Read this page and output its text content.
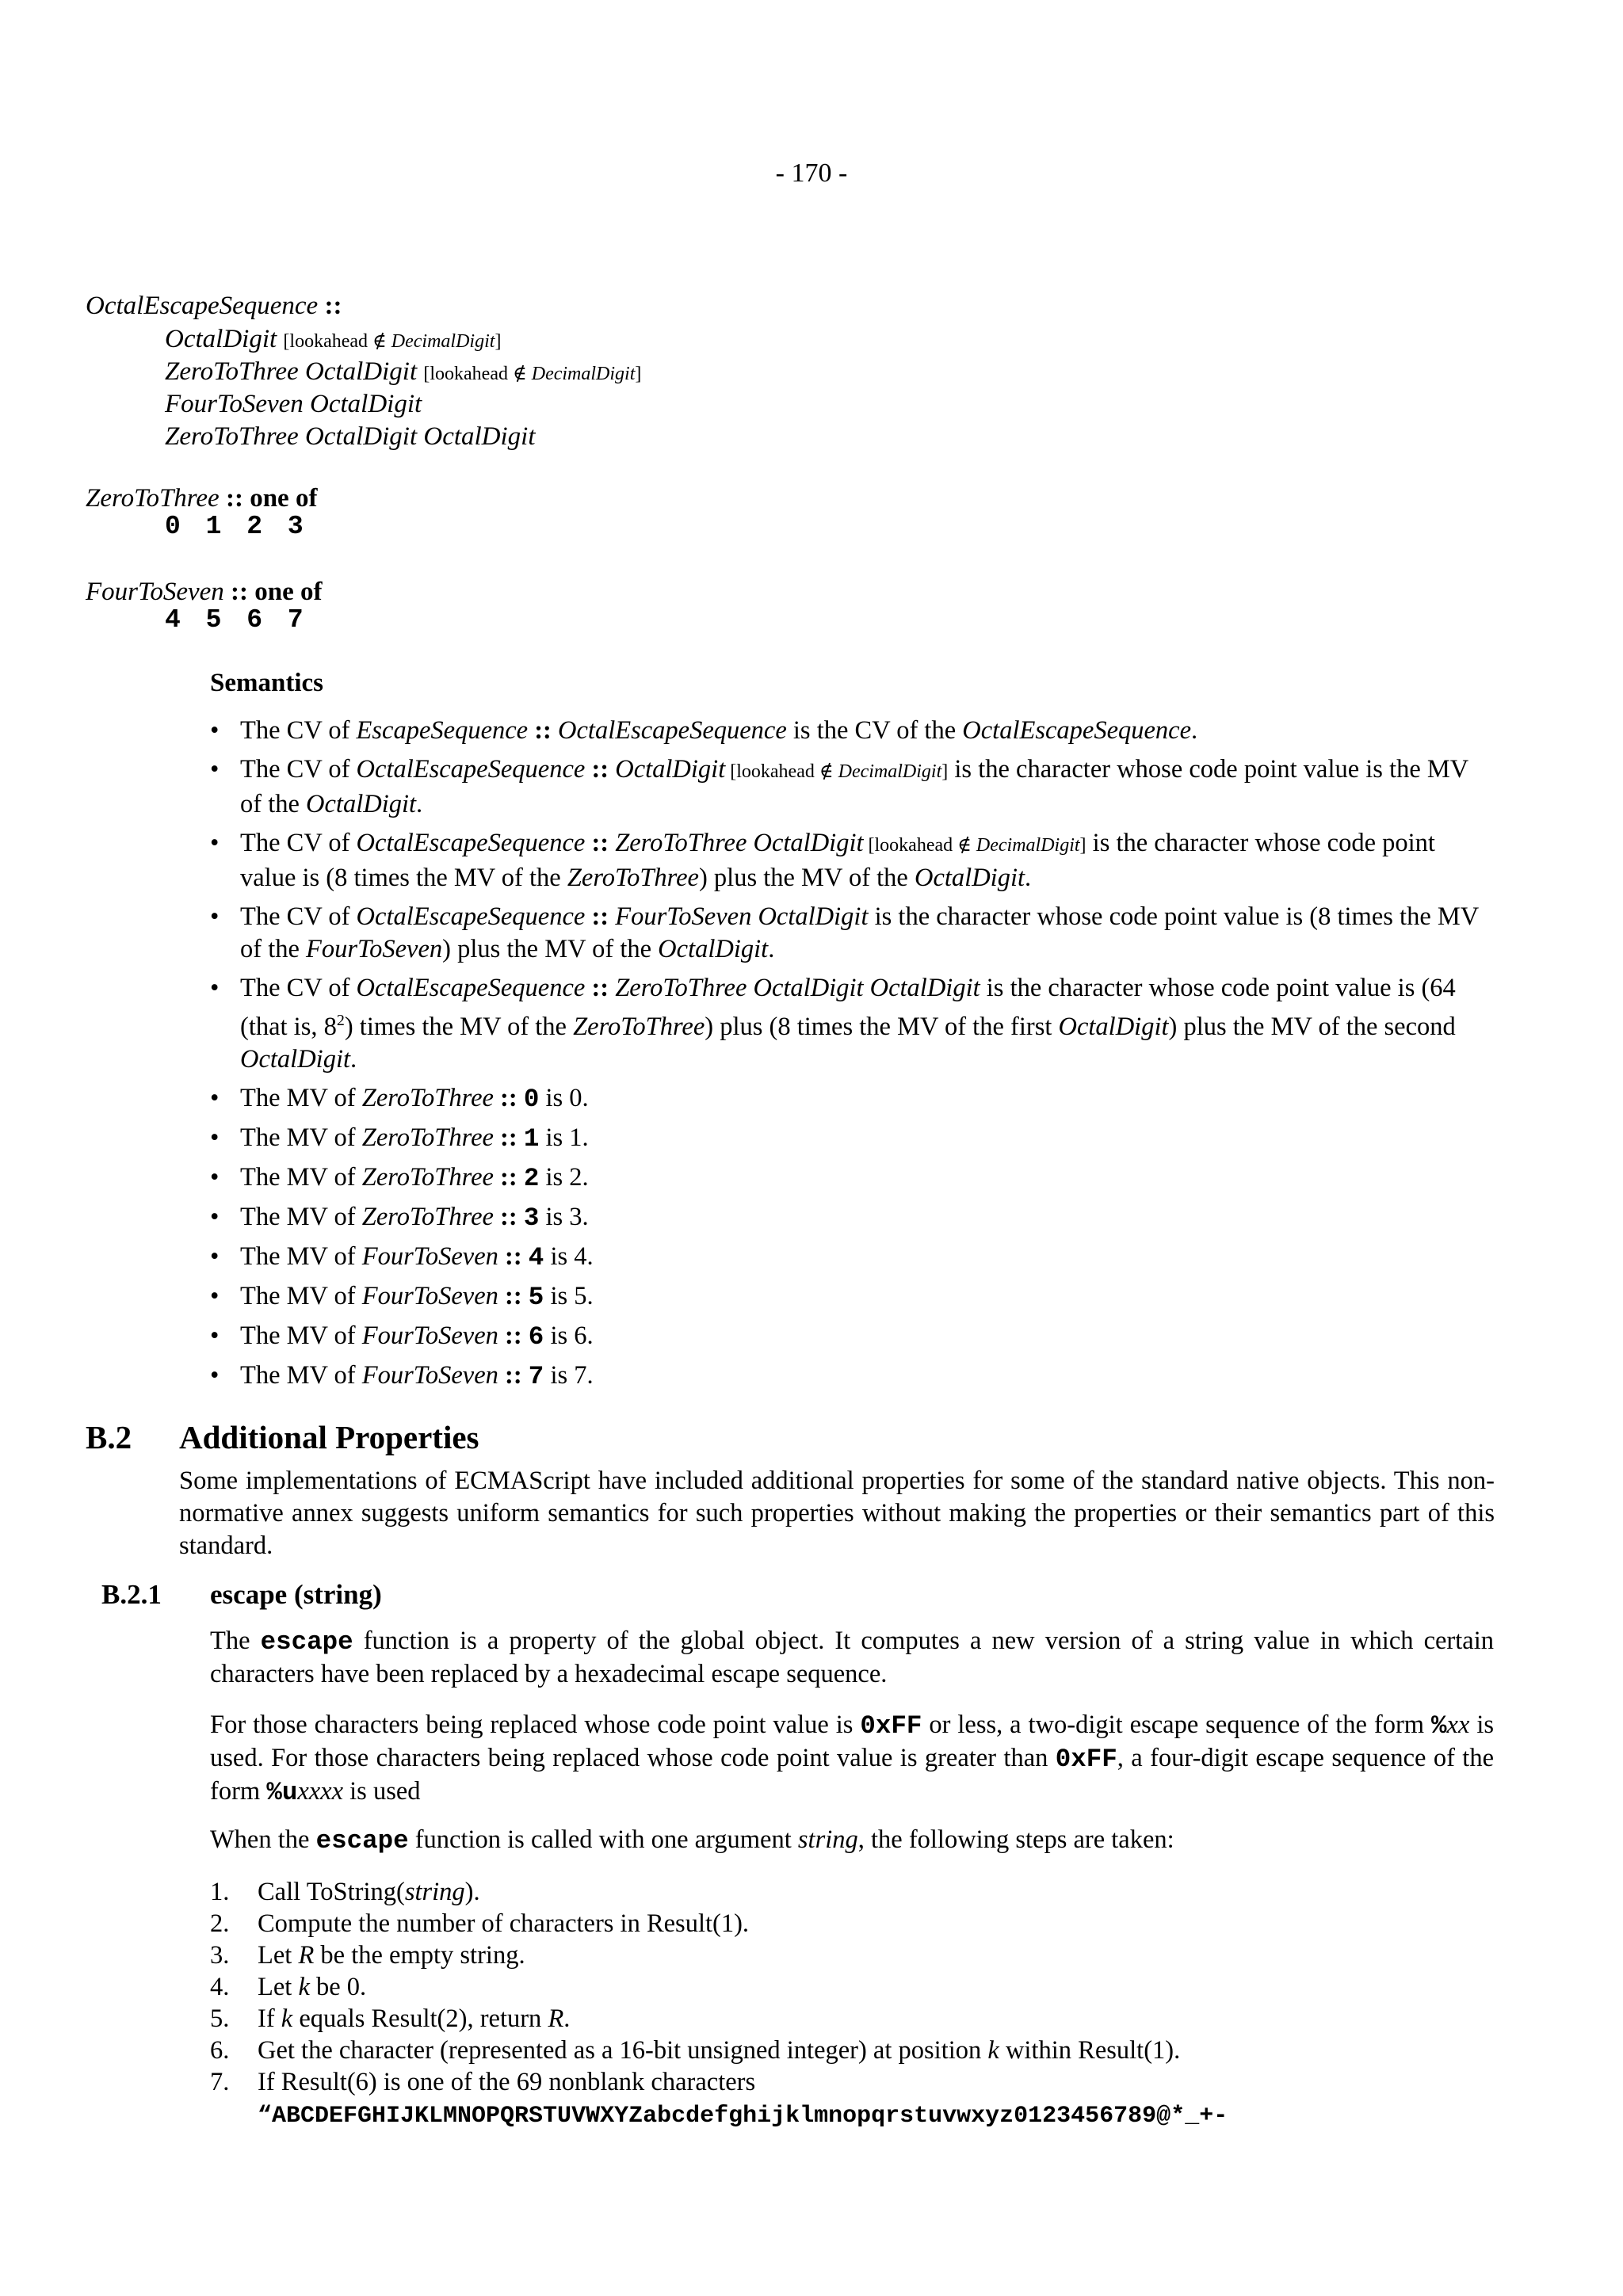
- 170 -
OctalEscapeSequence ::
OctalDigit [lookahead ∉ DecimalDigit]
ZeroToThree OctalDigit [lookahead ∉ DecimalDigit]
FourToSeven OctalDigit
ZeroToThree OctalDigit OctalDigit
ZeroToThree :: one of
0 1 2 3
FourToSeven :: one of
4 5 6 7
Semantics
• The CV of EscapeSequence :: OctalEscapeSequence is the CV of the OctalEscapeSequence.
• The CV of OctalEscapeSequence :: OctalDigit [lookahead ∉ DecimalDigit] is the character whose code point value is the MV of the OctalDigit.
• The CV of OctalEscapeSequence :: ZeroToThree OctalDigit [lookahead ∉ DecimalDigit] is the character whose code point value is (8 times the MV of the ZeroToThree) plus the MV of the OctalDigit.
• The CV of OctalEscapeSequence :: FourToSeven OctalDigit is the character whose code point value is (8 times the MV of the FourToSeven) plus the MV of the OctalDigit.
• The CV of OctalEscapeSequence :: ZeroToThree OctalDigit OctalDigit is the character whose code point value is (64 (that is, $8^2$) times the MV of the ZeroToThree) plus (8 times the MV of the first OctalDigit) plus the MV of the second OctalDigit.
• The MV of ZeroToThree :: 0 is 0.
• The MV of ZeroToThree :: 1 is 1.
• The MV of ZeroToThree :: 2 is 2.
• The MV of ZeroToThree :: 3 is 3.
• The MV of FourToSeven :: 4 is 4.
• The MV of FourToSeven :: 5 is 5.
• The MV of FourToSeven :: 6 is 6.
• The MV of FourToSeven :: 7 is 7.
B.2 Additional Properties
Some implementations of ECMAScript have included additional properties for some of the standard native objects. This non-normative annex suggests uniform semantics for such properties without making the properties or their semantics part of this standard.
B.2.1 escape (string)
The escape function is a property of the global object. It computes a new version of a string value in which certain characters have been replaced by a hexadecimal escape sequence.
For those characters being replaced whose code point value is 0xFF or less, a two-digit escape sequence of the form %xx is used. For those characters being replaced whose code point value is greater than 0xFF, a four-digit escape sequence of the form %uxxxx is used
When the escape function is called with one argument string, the following steps are taken:
1. Call ToString(string).
2. Compute the number of characters in Result(1).
3. Let R be the empty string.
4. Let k be 0.
5. If k equals Result(2), return R.
6. Get the character (represented as a 16-bit unsigned integer) at position k within Result(1).
7. If Result(6) is one of the 69 nonblank characters
“ABCDEFGHIJKLMNOPQRSTUVWXYZabcdefghijklmnopqrstuvwxyz0123456789@*_+-
